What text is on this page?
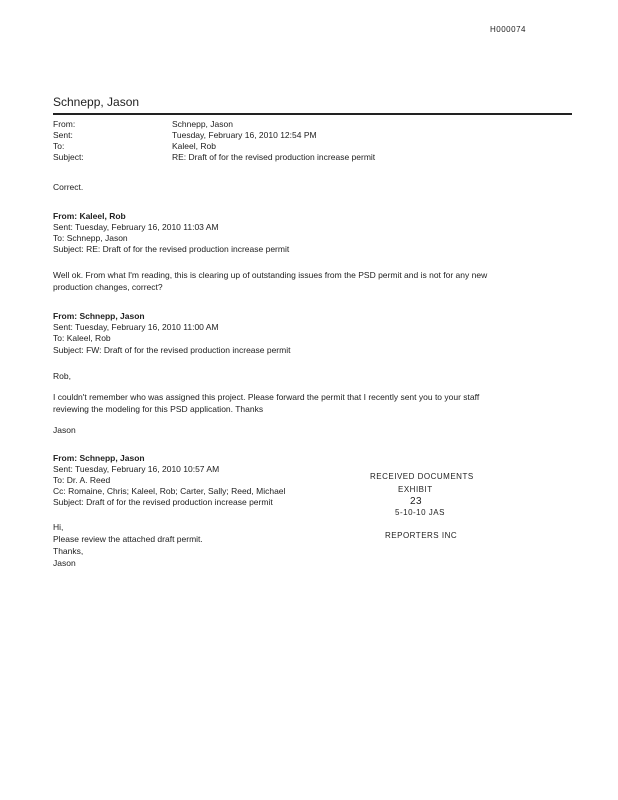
H000074
Schnepp, Jason
From:	Schnepp, Jason
Sent:	Tuesday, February 16, 2010 12:54 PM
To:	Kaleel, Rob
Subject:	RE: Draft of for the revised production increase permit
Correct.
From: Kaleel, Rob
Sent: Tuesday, February 16, 2010 11:03 AM
To: Schnepp, Jason
Subject: RE: Draft of for the revised production increase permit
Well ok. From what I'm reading, this is clearing up of outstanding issues from the PSD permit and is not for any new
production changes, correct?
From: Schnepp, Jason
Sent: Tuesday, February 16, 2010 11:00 AM
To: Kaleel, Rob
Subject: FW: Draft of for the revised production increase permit
Rob,
I couldn't remember who was assigned this project. Please forward the permit that I recently sent you to your staff
reviewing the modeling for this PSD application. Thanks
Jason
From: Schnepp, Jason
Sent: Tuesday, February 16, 2010 10:57 AM
To: Dr. A. Reed
Cc: Romaine, Chris; Kaleel, Rob; Carter, Sally; Reed, Michael
Subject: Draft of for the revised production increase permit
Hi,
Please review the attached draft permit.
Thanks,
Jason
RECEIVED DOCUMENTS
EXHIBIT
23
5-10-10 JAS
REPORTERS INC
